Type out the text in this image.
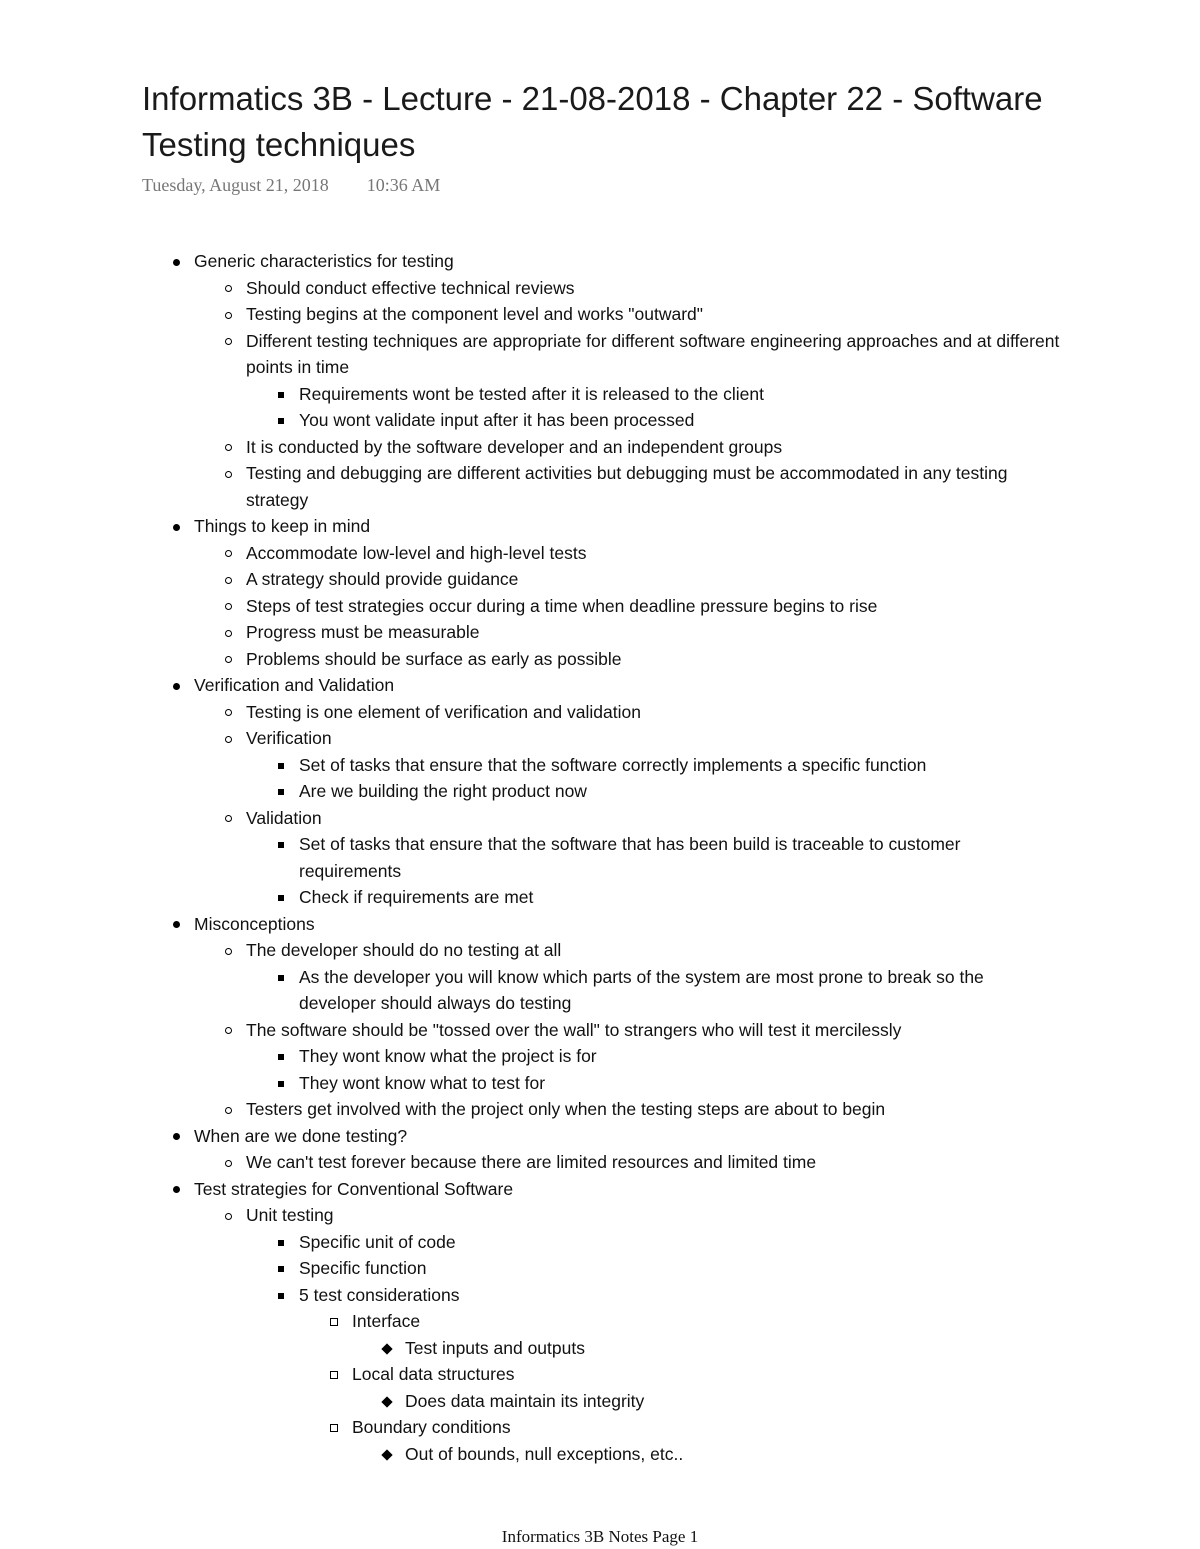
Informatics 3B - Lecture - 21-08-2018 - Chapter 22 - Software Testing techniques
Tuesday, August 21, 2018 10:36 AM
Generic characteristics for testing
Should conduct effective technical reviews
Testing begins at the component level and works "outward"
Different testing techniques are appropriate for different software engineering approaches and at different points in time
Requirements wont be tested after it is released to the client
You wont validate input after it has been processed
It is conducted by the software developer and an independent groups
Testing and debugging are different activities but debugging must be accommodated in any testing strategy
Things to keep in mind
Accommodate low-level and high-level tests
A strategy should provide guidance
Steps of test strategies occur during a time when deadline pressure begins to rise
Progress must be measurable
Problems should be surface as early as possible
Verification and Validation
Testing is one element of verification and validation
Verification
Set of tasks that ensure that the software correctly implements a specific function
Are we building the right product now
Validation
Set of tasks that ensure that the software that has been build is traceable to customer requirements
Check if requirements are met
Misconceptions
The developer should do no testing at all
As the developer you will know which parts of the system are most prone to break so the developer should always do testing
The software should be "tossed over the wall" to strangers who will test it mercilessly
They wont know what the project is for
They wont know what to test for
Testers get involved with the project only when the testing steps are about to begin
When are we done testing?
We can't test forever because there are limited resources and limited time
Test strategies for Conventional Software
Unit testing
Specific unit of code
Specific function
5 test considerations
Interface
Test inputs and outputs
Local data structures
Does data maintain its integrity
Boundary conditions
Out of bounds, null exceptions, etc..
Informatics 3B Notes Page 1
